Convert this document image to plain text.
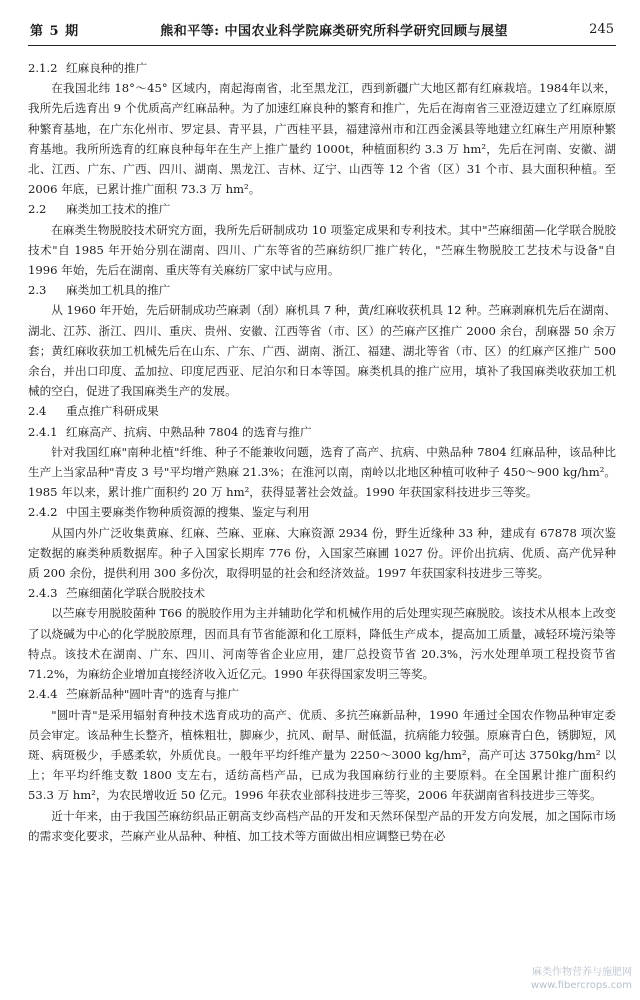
第 5 期	熊和平等: 中国农业科学院麻类研究所科学研究回顾与展望	245

2.1.2 红麻良种的推广

在我国北纬 18°～45° 区域内，南起海南省，北至黑龙江，西到新疆广大地区都有红麻栽培。1984年以来，我所先后选育出 9 个优质高产红麻品种。为了加速红麻良种的繁育和推广，先后在海南省三亚澄迈建立了红麻原原种繁育基地，在广东化州市、罗定县、青平县，广西桂平县，福建漳州市和江西金溪县等地建立红麻生产用原种繁育基地。我所所选育的红麻良种每年在生产上推广量约 1000t，种植面积约 3.3 万 hm²，先后在河南、安徽、湖北、江西、广东、广西、四川、湖南、黑龙江、吉林、辽宁、山西等 12 个省（区）31 个市、县大面积种植。至 2006 年底，已累计推广面积 73.3 万 hm²。

2.2 麻类加工技术的推广

在麻类生物脱胶技术研究方面，我所先后研制成功 10 项鉴定成果和专利技术。其中"苎麻细菌—化学联合脱胶技术"自 1985 年开始分别在湖南、四川、广东等省的苎麻纺织厂推广转化，"苎麻生物脱胶工艺技术与设备"自 1996 年始，先后在湖南、重庆等有关麻纺厂家中试与应用。

2.3 麻类加工机具的推广

从 1960 年开始，先后研制成功苎麻剥（刮）麻机具 7 种，黄/红麻收获机具 12 种。苎麻剥麻机先后在湖南、湖北、江苏、浙江、四川、重庆、贵州、安徽、江西等省（市、区）的苎麻产区推广 2000 余台，刮麻器 50 余万套；黄红麻收获加工机械先后在山东、广东、广西、湖南、浙江、福建、湖北等省（市、区）的红麻产区推广 500 余台，并出口印度、孟加拉、印度尼西亚、尼泊尔和日本等国。麻类机具的推广应用，填补了我国麻类收获加工机械的空白，促进了我国麻类生产的发展。

2.4 重点推广科研成果

2.4.1 红麻高产、抗病、中熟品种 7804 的选育与推广

针对我国红麻"南种北植"纤维、种子不能兼收问题，选育了高产、抗病、中熟品种 7804 红麻品种，该品种比生产上当家品种"青皮 3 号"平均增产熟麻 21.3%；在淮河以南，南岭以北地区种植可收种子 450～900 kg/hm²。1985 年以来，累计推广面积约 20 万 hm²，获得显著社会效益。1990 年获国家科技进步三等奖。

2.4.2 中国主要麻类作物种质资源的搜集、鉴定与利用

从国内外广泛收集黄麻、红麻、苎麻、亚麻、大麻资源 2934 份，野生近缘种 33 种，建成有 67878 项次鉴定数据的麻类种质数据库。种子入国家长期库 776 份，入国家苎麻圃 1027 份。评价出抗病、优质、高产优异种质 200 余份，提供利用 300 多份次，取得明显的社会和经济效益。1997 年获国家科技进步三等奖。

2.4.3 苎麻细菌化学联合脱胶技术

以苎麻专用脱胶菌种 T66 的脱胶作用为主并辅助化学和机械作用的后处理实现苎麻脱胶。该技术从根本上改变了以烧碱为中心的化学脱胶原理，因而具有节省能源和化工原料，降低生产成本，提高加工质量，减轻环境污染等特点。该技术在湖南、广东、四川、河南等省企业应用，建厂总投资节省 20.3%，污水处理单项工程投资节省 71.2%，为麻纺企业增加直接经济收入近亿元。1990 年获得国家发明三等奖。

2.4.4 苎麻新品种"圆叶青"的选育与推广

"圆叶青"是采用辐射育种技术选育成功的高产、优质、多抗苎麻新品种，1990 年通过全国农作物品种审定委员会审定。该品种生长整齐，植株粗壮，脚麻少，抗风、耐旱、耐低温，抗病能力较强。原麻青白色，锈脚短，风斑、病斑极少，手感柔软，外质优良。一般年平均纤维产量为 2250～3000 kg/hm²，高产可达 3750kg/hm² 以上；年平均纤维支数 1800 支左右，适纺高档产品，已成为我国麻纺行业的主要原料。在全国累计推广面积约 53.3 万 hm²，为农民增收近 50 亿元。1996 年获农业部科技进步三等奖，2006 年获湖南省科技进步三等奖。

近十年来，由于我国苎麻纺织品正朝高支纱高档产品的开发和天然环保型产品的开发方向发展，加之国际市场的需求变化要求，苎麻产业从品种、种植、加工技术等方面做出相应调整已势在必

麻类作物营养与施肥网
www.fibercrops.com
